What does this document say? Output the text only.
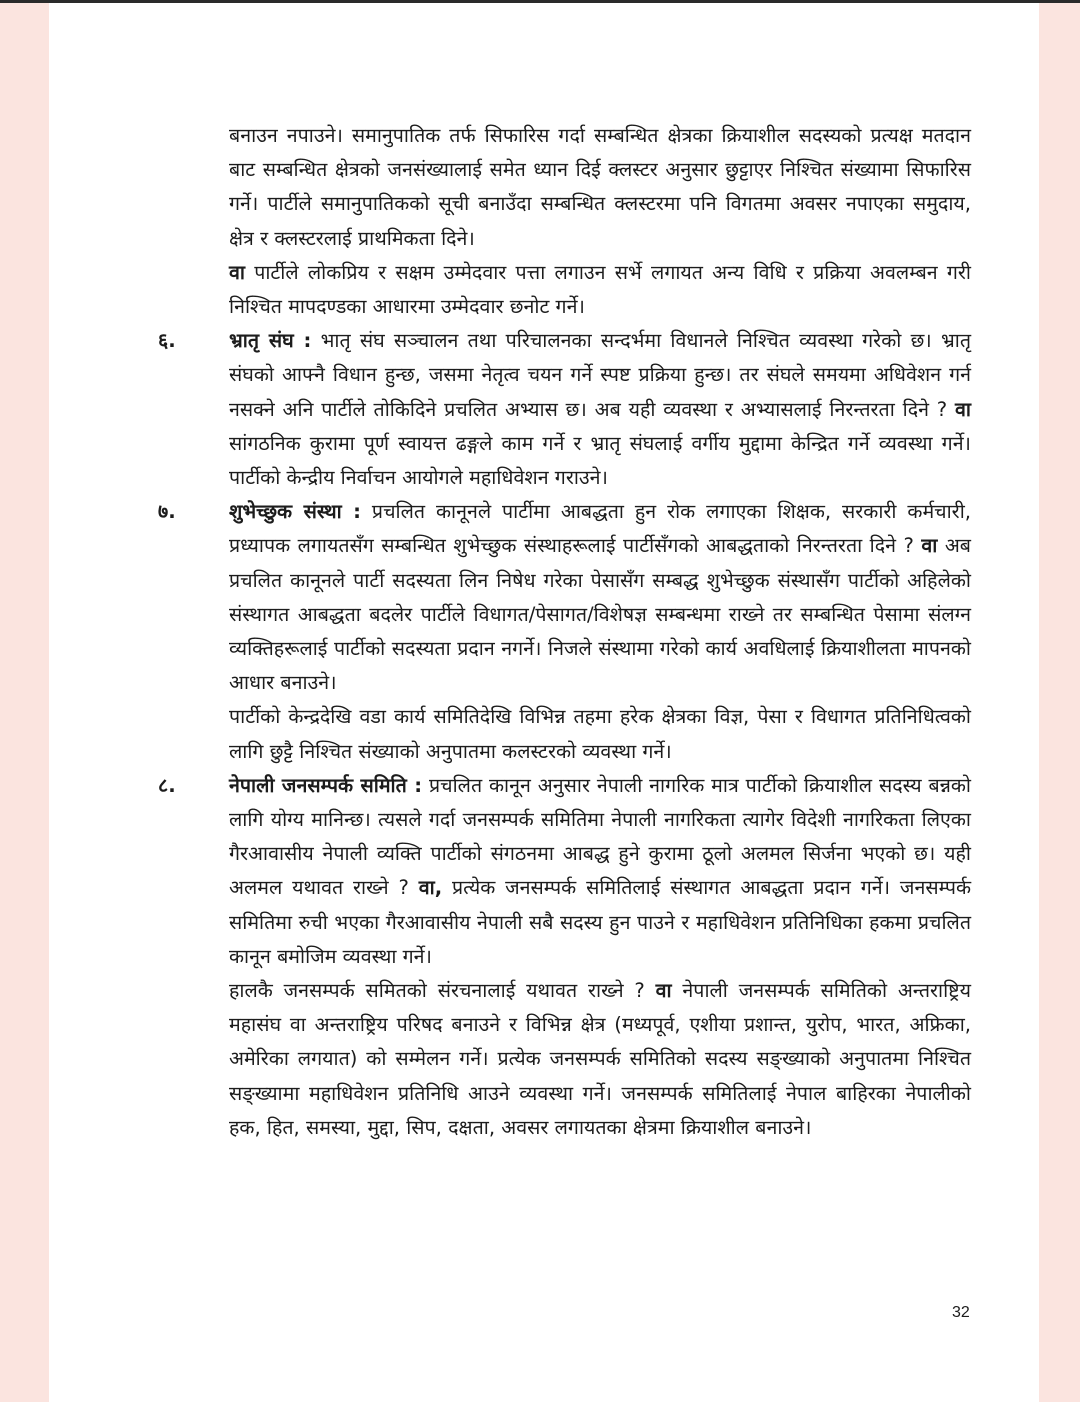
बनाउन नपाउने। समानुपातिक तर्फ सिफारिस गर्दा सम्बन्धित क्षेत्रका क्रियाशील सदस्यको प्रत्यक्ष मतदान बाट सम्बन्धित क्षेत्रको जनसंख्यालाई समेत ध्यान दिई क्लस्टर अनुसार छुट्टाएर निश्चित संख्यामा सिफारिस गर्ने। पार्टीले समानुपातिकको सूची बनाउँदा सम्बन्धित क्लस्टरमा पनि विगतमा अवसर नपाएका समुदाय, क्षेत्र र क्लस्टरलाई प्राथमिकता दिने।
वा पार्टीले लोकप्रिय र सक्षम उम्मेदवार पत्ता लगाउन सर्भे लगायत अन्य विधि र प्रक्रिया अवलम्बन गरी निश्चित मापदण्डका आधारमा उम्मेदवार छनोट गर्ने।

६.	भ्रातृ संघ : भातृ संघ सञ्चालन तथा परिचालनका सन्दर्भमा विधानले निश्चित व्यवस्था गरेको छ। भ्रातृ संघको आफ्नै विधान हुन्छ, जसमा नेतृत्व चयन गर्ने स्पष्ट प्रक्रिया हुन्छ। तर संघले समयमा अधिवेशन गर्न नसक्ने अनि पार्टीले तोकिदिने प्रचलित अभ्यास छ। अब यही व्यवस्था र अभ्यासलाई निरन्तरता दिने ? वा सांगठनिक कुरामा पूर्ण स्वायत्त ढङ्गले काम गर्ने र भ्रातृ संघलाई वर्गीय मुद्दामा केन्द्रित गर्ने व्यवस्था गर्ने। पार्टीको केन्द्रीय निर्वाचन आयोगले महाधिवेशन गराउने।

७.	शुभेच्छुक संस्था : प्रचलित कानूनले पार्टीमा आबद्धता हुन रोक लगाएका शिक्षक, सरकारी कर्मचारी, प्रध्यापक लगायतसँग सम्बन्धित शुभेच्छुक संस्थाहरूलाई पार्टीसँगको आबद्धताको निरन्तरता दिने ? वा अब प्रचलित कानूनले पार्टी सदस्यता लिन निषेध गरेका पेसासँग सम्बद्ध शुभेच्छुक संस्थासँग पार्टीको अहिलेको संस्थागत आबद्धता बदलेर पार्टीले विधागत/पेसागत/विशेषज्ञ सम्बन्धमा राख्ने तर सम्बन्धित पेसामा संलग्न व्यक्तिहरूलाई पार्टीको सदस्यता प्रदान नगर्ने। निजले संस्थामा गरेको कार्य अवधिलाई क्रियाशीलता मापनको आधार बनाउने।

पार्टीको केन्द्रदेखि वडा कार्य समितिदेखि विभिन्न तहमा हरेक क्षेत्रका विज्ञ, पेसा र विधागत प्रतिनिधित्वको लागि छुट्टै निश्चित संख्याको अनुपातमा कलस्टरको व्यवस्था गर्ने।

८.	नेपाली जनसम्पर्क समिति : प्रचलित कानून अनुसार नेपाली नागरिक मात्र पार्टीको क्रियाशील सदस्य बन्नको लागि योग्य मानिन्छ। त्यसले गर्दा जनसम्पर्क समितिमा नेपाली नागरिकता त्यागेर विदेशी नागरिकता लिएका गैरआवासीय नेपाली व्यक्ति पार्टीको संगठनमा आबद्ध हुने कुरामा ठूलो अलमल सिर्जना भएको छ। यही अलमल यथावत राख्ने ? वा, प्रत्येक जनसम्पर्क समितिलाई संस्थागत आबद्धता प्रदान गर्ने। जनसम्पर्क समितिमा रुची भएका गैरआवासीय नेपाली सबै सदस्य हुन पाउने र महाधिवेशन प्रतिनिधिका हकमा प्रचलित कानून बमोजिम व्यवस्था गर्ने।

हालकै जनसम्पर्क समितको संरचनालाई यथावत राख्ने ? वा नेपाली जनसम्पर्क समितिको अन्तराष्ट्रिय महासंघ वा अन्तराष्ट्रिय परिषद बनाउने र विभिन्न क्षेत्र (मध्यपूर्व, एशीया प्रशान्त, युरोप, भारत, अफ्रिका, अमेरिका लगयात) को सम्मेलन गर्ने। प्रत्येक जनसम्पर्क समितिको सदस्य सङ्ख्याको अनुपातमा निश्चित सङ्ख्यामा महाधिवेशन प्रतिनिधि आउने व्यवस्था गर्ने। जनसम्पर्क समितिलाई नेपाल बाहिरका नेपालीको हक, हित, समस्या, मुद्दा, सिप, दक्षता, अवसर लगायतका क्षेत्रमा क्रियाशील बनाउने।

32
